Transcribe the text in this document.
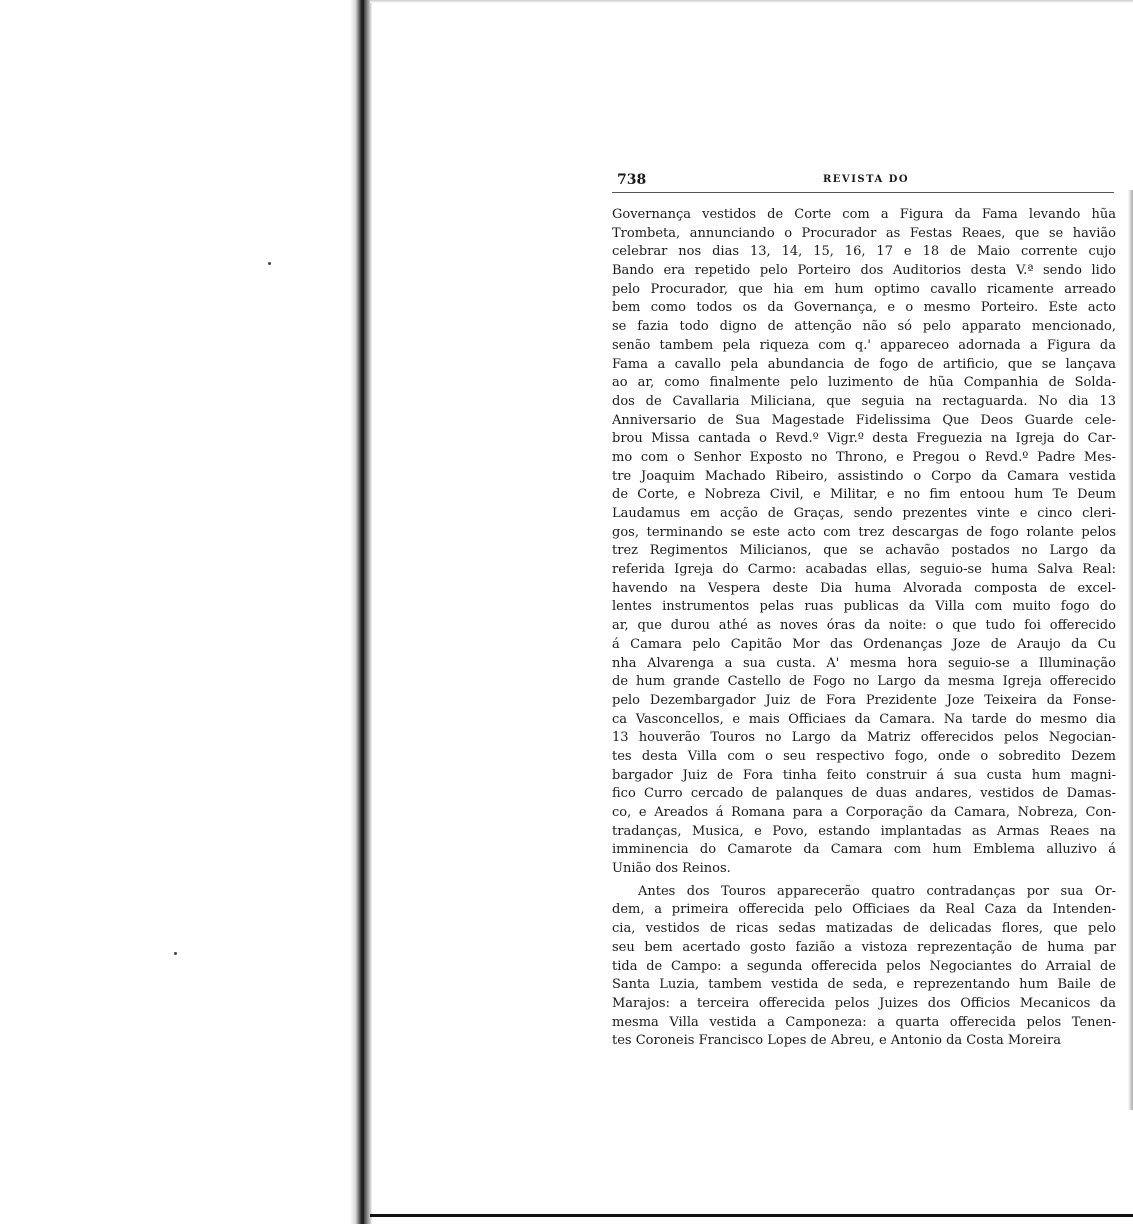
738	REVISTA DO
Governança vestidos de Corte com a Figura da Fama levando hũa
Trombeta, annunciando o Procurador as Festas Reaes, que se havião
celebrar nos dias 13, 14, 15, 16, 17 e 18 de Maio corrente cujo
Bando era repetido pelo Porteiro dos Auditorios desta V.ª sendo lido
pelo Procurador, que hia em hum optimo cavallo ricamente arreado
bem como todos os da Governança, e o mesmo Porteiro. Este acto
se fazia todo digno de attenção não só pelo apparato mencionado,
senão tambem pela riqueza com q.' appareceo adornada a Figura da
Fama a cavallo pela abundancia de fogo de artificio, que se lançava
ao ar, como finalmente pelo luzimento de hũa Companhia de Solda-
dos de Cavallaria Miliciana, que seguia na rectaguarda. No dia 13
Anniversario de Sua Magestade Fidelissima Que Deos Guarde cele-
brou Missa cantada o Revd.º Vigr.º desta Freguezia na Igreja do Car-
mo com o Senhor Exposto no Throno, e Pregou o Revd.º Padre Mes-
tre Joaquim Machado Ribeiro, assistindo o Corpo da Camara vestida
de Corte, e Nobreza Civil, e Militar, e no fim entoou hum Te Deum
Laudamus em acção de Graças, sendo prezentes vinte e cinco cleri-
gos, terminando se este acto com trez descargas de fogo rolante pelos
trez Regimentos Milicianos, que se achavão postados no Largo da
referida Igreja do Carmo: acabadas ellas, seguio-se huma Salva Real:
havendo na Vespera deste Dia huma Alvorada composta de excel-
lentes instrumentos pelas ruas publicas da Villa com muito fogo do
ar, que durou athé as noves óras da noite: o que tudo foi offerecido
á Camara pelo Capitão Mor das Ordenanças Joze de Araujo da Cu
nha Alvarenga a sua custa. A' mesma hora seguio-se a Illuminação
de hum grande Castello de Fogo no Largo da mesma Igreja offerecido
pelo Dezembargador Juiz de Fora Prezidente Joze Teixeira da Fonse-
ca Vasconcellos, e mais Officiaes da Camara. Na tarde do mesmo dia
13 houverão Touros no Largo da Matriz offerecidos pelos Negocian-
tes desta Villa com o seu respectivo fogo, onde o sobredito Dezem
bargador Juiz de Fora tinha feito construir á sua custa hum magni-
fico Curro cercado de palanques de duas andares, vestidos de Damas-
co, e Areados á Romana para a Corporação da Camara, Nobreza, Con-
tradanças, Musica, e Povo, estando implantadas as Armas Reaes na
imminencia do Camarote da Camara com hum Emblema alluzivo á
União dos Reinos.
Antes dos Touros apparecerão quatro contradanças por sua Or-
dem, a primeira offerecida pelo Officiaes da Real Caza da Intenden-
cia, vestidos de ricas sedas matizadas de delicadas flores, que pelo
seu bem acertado gosto fazião a vistoza reprezentação de huma par
tida de Campo: a segunda offerecida pelos Negociantes do Arraial de
Santa Luzia, tambem vestida de seda, e reprezentando hum Baile de
Marajos: a terceira offerecida pelos Juizes dos Officios Mecanicos da
mesma Villa vestida a Camponeza: a quarta offerecida pelos Tenen-
tes Coroneis Francisco Lopes de Abreu, e Antonio da Costa Moreira
